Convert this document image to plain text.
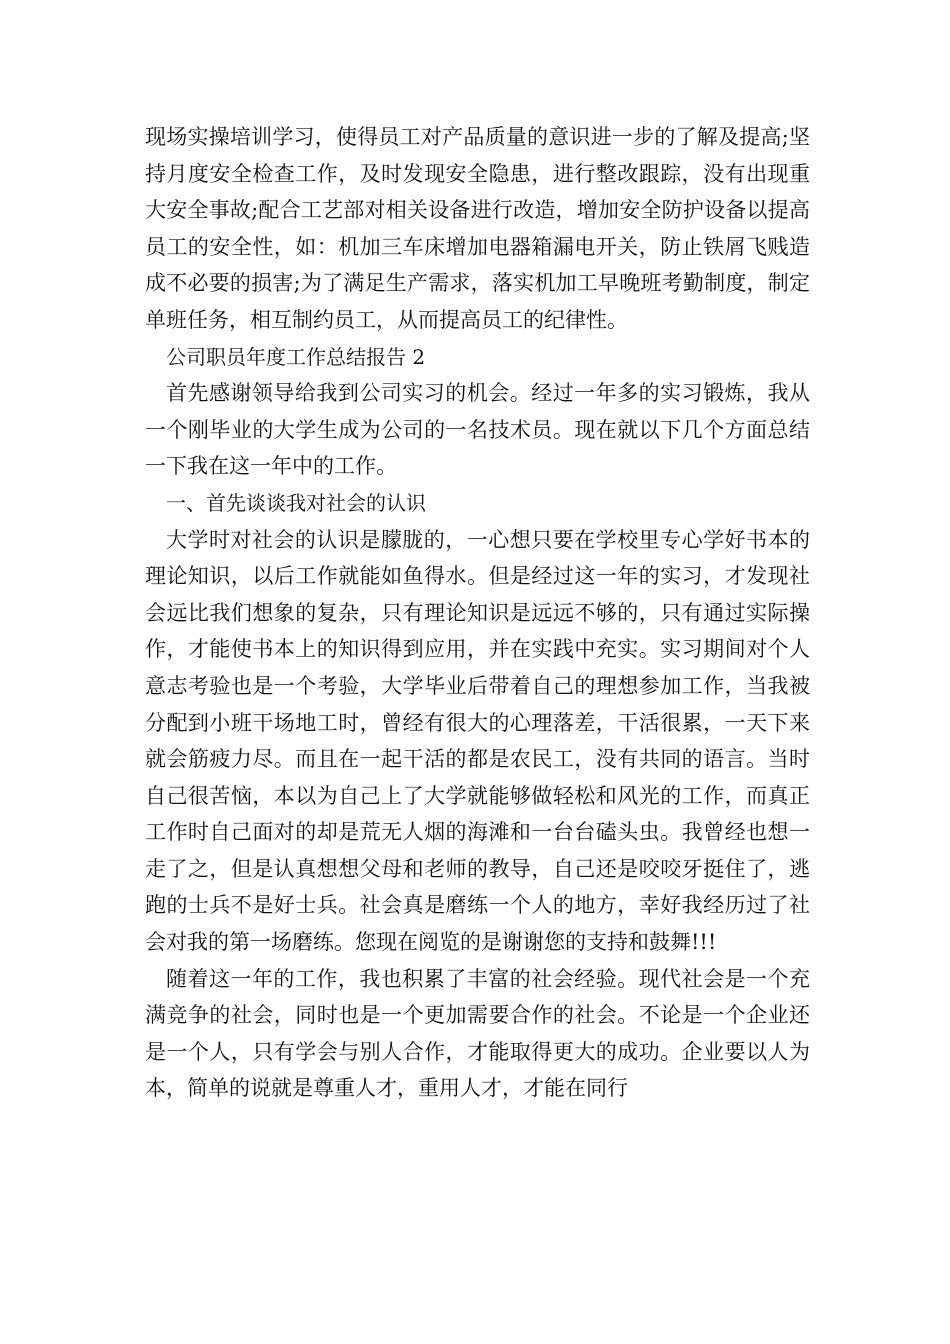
现场实操培训学习，使得员工对产品质量的意识进一步的了解及提高;坚持月度安全检查工作，及时发现安全隐患，进行整改跟踪，没有出现重大安全事故;配合工艺部对相关设备进行改造，增加安全防护设备以提高员工的安全性，如：机加三车床增加电器箱漏电开关，防止铁屑飞贱造成不必要的损害;为了满足生产需求，落实机加工早晚班考勤制度，制定单班任务，相互制约员工，从而提高员工的纪律性。

公司职员年度工作总结报告 2

首先感谢领导给我到公司实习的机会。经过一年多的实习锻炼，我从一个刚毕业的大学生成为公司的一名技术员。现在就以下几个方面总结一下我在这一年中的工作。

一、首先谈谈我对社会的认识

大学时对社会的认识是朦胧的，一心想只要在学校里专心学好书本的理论知识，以后工作就能如鱼得水。但是经过这一年的实习，才发现社会远比我们想象的复杂，只有理论知识是远远不够的，只有通过实际操作，才能使书本上的知识得到应用，并在实践中充实。实习期间对个人意志考验也是一个考验，大学毕业后带着自己的理想参加工作，当我被分配到小班干场地工时，曾经有很大的心理落差，干活很累，一天下来就会筋疲力尽。而且在一起干活的都是农民工，没有共同的语言。当时自己很苦恼，本以为自己上了大学就能够做轻松和风光的工作，而真正工作时自己面对的却是荒无人烟的海滩和一台台磕头虫。我曾经也想一走了之，但是认真想想父母和老师的教导，自己还是咬咬牙挺住了，逃跑的士兵不是好士兵。社会真是磨练一个人的地方，幸好我经历过了社会对我的第一场磨练。您现在阅览的是谢谢您的支持和鼓舞!!!

随着这一年的工作，我也积累了丰富的社会经验。现代社会是一个充满竞争的社会，同时也是一个更加需要合作的社会。不论是一个企业还是一个人，只有学会与别人合作，才能取得更大的成功。企业要以人为本，简单的说就是尊重人才，重用人才，才能在同行
